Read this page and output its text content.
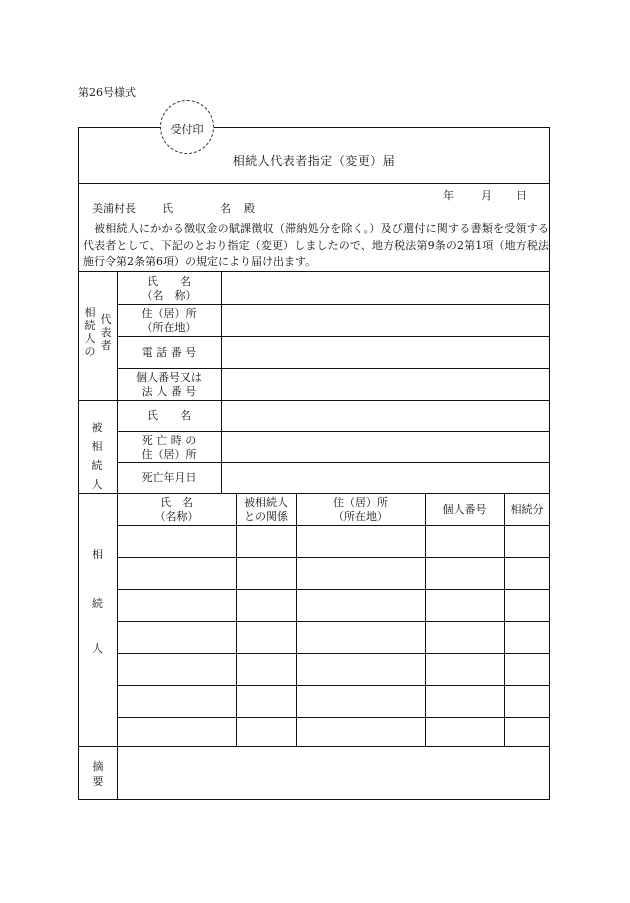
第26号様式
受付印
相続人代表者指定（変更）届
年 月 日
美浦村長 氏	名 殿
被相続人にかかる徴収金の賦課徴収（滞納処分を除く。）及び還付に関する書類を受領する代表者として、下記のとおり指定（変更）しましたので、地方税法第9条の2第1項（地方税法施行令第2条第6項）の規定により届け出ます。
相
続
人
の
代
表
者
氏　　名
（名　称）
住（居）所
（所在地）
電 話 番 号
個人番号又は
法 人 番 号
被
相
続
人
氏　　名
死 亡 時 の
住（居）所
死亡年月日
氏　名
（名称）
被相続人
との関係
住（居）所
（所在地）
個人番号	相続分
相
続
人
摘
要
